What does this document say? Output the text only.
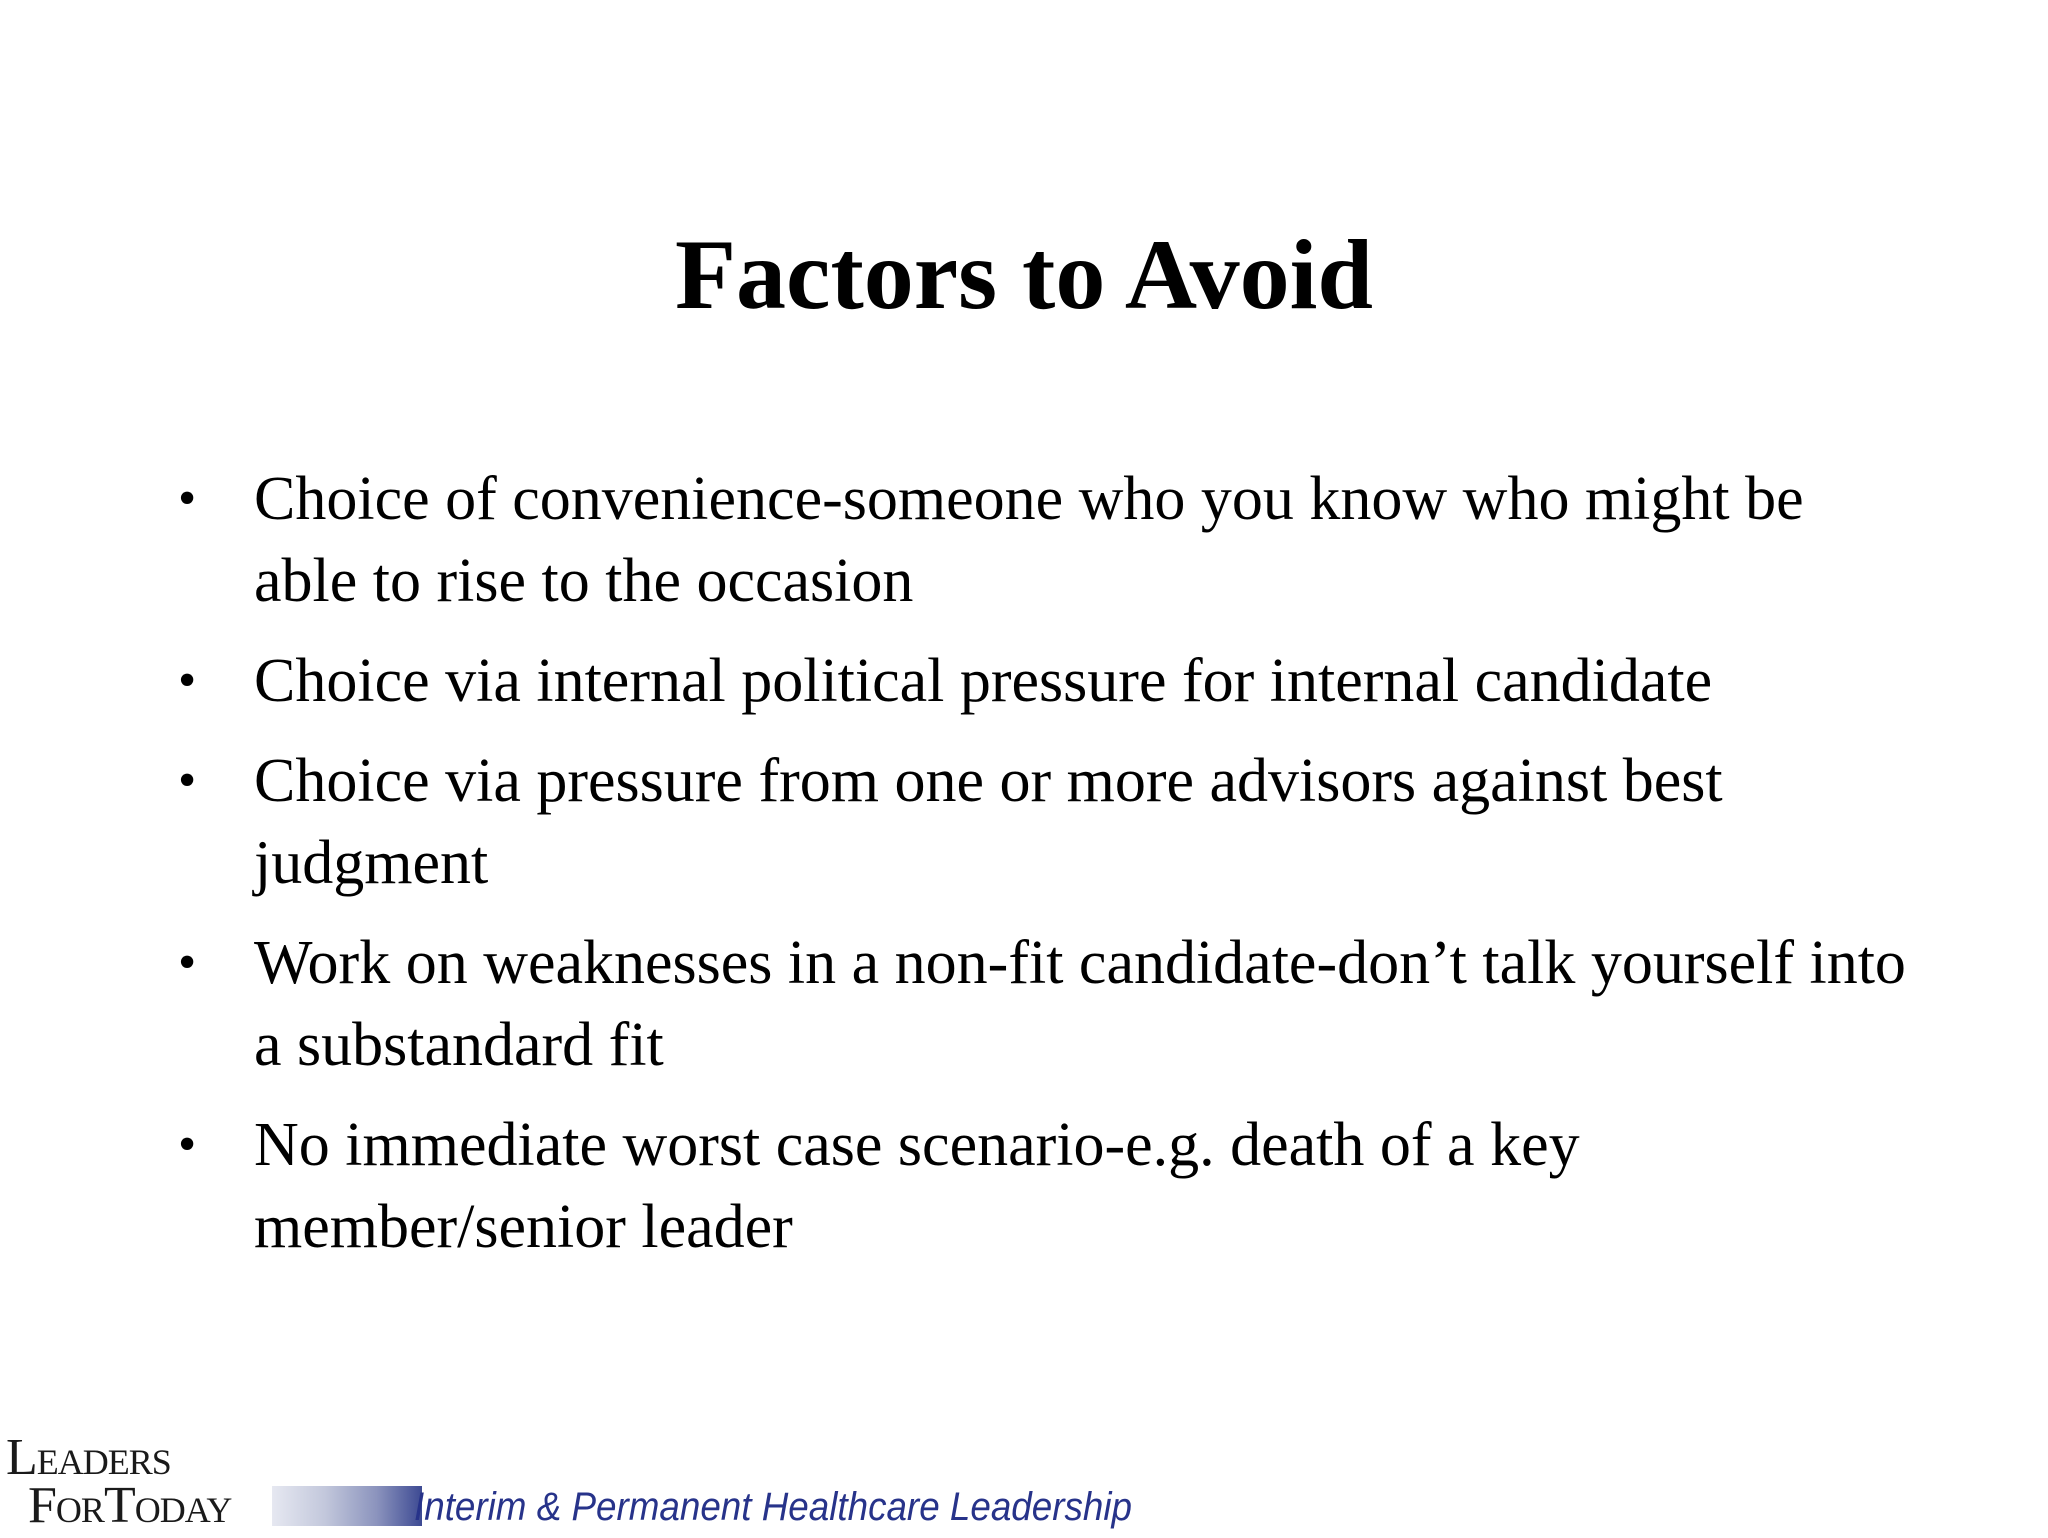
Factors to Avoid
• Choice of convenience-someone who you know who might be able to rise to the occasion
• Choice via internal political pressure for internal candidate
• Choice via pressure from one or more advisors against best judgment
• Work on weaknesses in a non-fit candidate-don’t talk yourself into a substandard fit
• No immediate worst case scenario-e.g. death of a key member/senior leader
LEADERS
FORTODAY	Interim & Permanent Healthcare Leadership
